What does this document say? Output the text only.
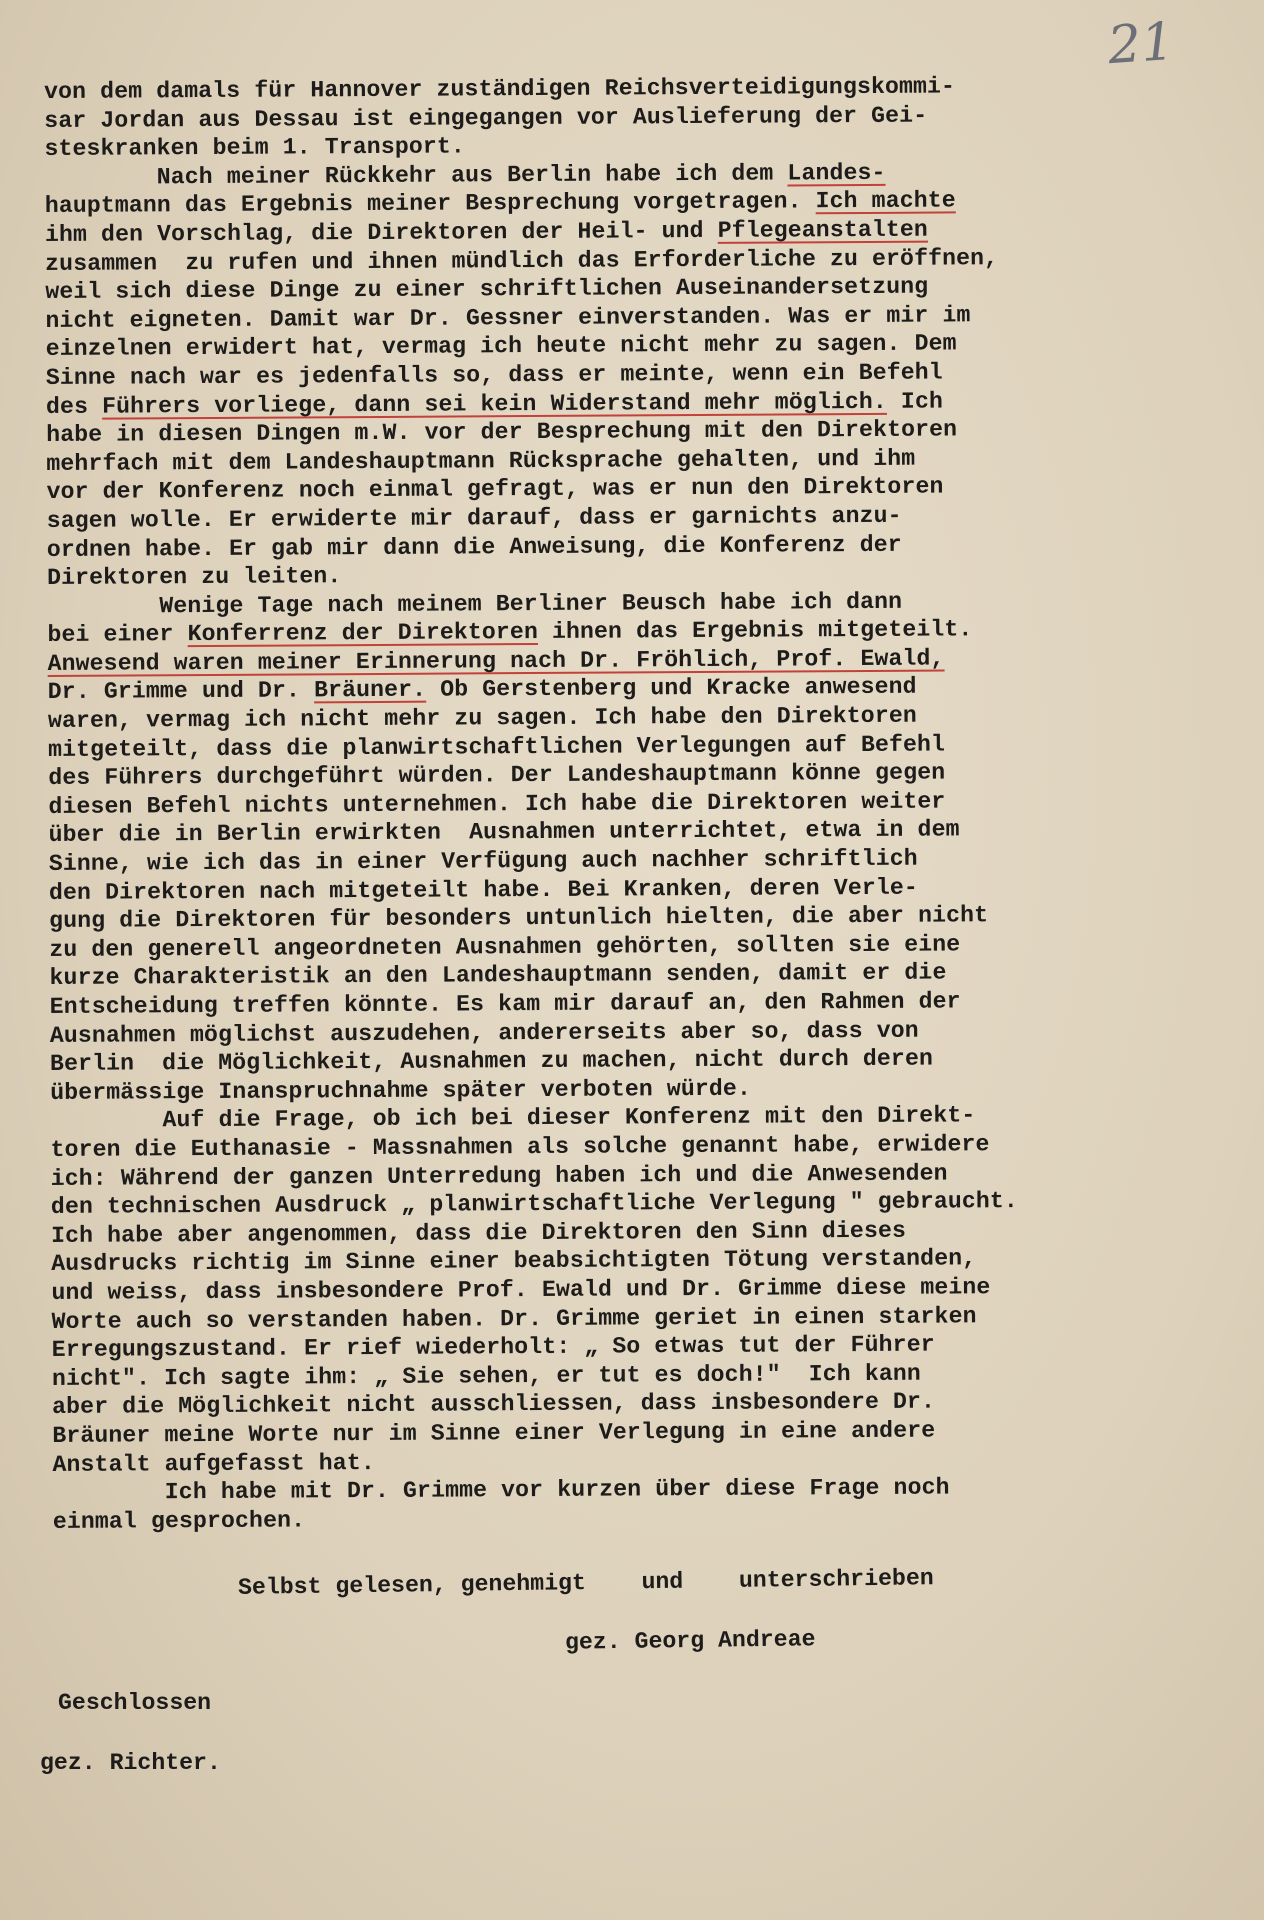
21
von dem damals für Hannover zuständigen Reichsverteidigungskommi-
sar Jordan aus Dessau ist eingegangen vor Auslieferung der Gei-
steskranken beim 1. Transport.
Nach meiner Rückkehr aus Berlin habe ich dem Landes-
hauptmann das Ergebnis meiner Besprechung vorgetragen. Ich machte
ihm den Vorschlag, die Direktoren der Heil- und Pflegeanstalten
zusammen  zu rufen und ihnen mündlich das Erforderliche zu eröffnen,
weil sich diese Dinge zu einer schriftlichen Auseinandersetzung
nicht eigneten. Damit war Dr. Gessner einverstanden. Was er mir im
einzelnen erwidert hat, vermag ich heute nicht mehr zu sagen. Dem
Sinne nach war es jedenfalls so, dass er meinte, wenn ein Befehl
des Führers vorliege, dann sei kein Widerstand mehr möglich. Ich
habe in diesen Dingen m.W. vor der Besprechung mit den Direktoren
mehrfach mit dem Landeshauptmann Rücksprache gehalten, und ihm
vor der Konferenz noch einmal gefragt, was er nun den Direktoren
sagen wolle. Er erwiderte mir darauf, dass er garnichts anzu-
ordnen habe. Er gab mir dann die Anweisung, die Konferenz der
Direktoren zu leiten.
Wenige Tage nach meinem Berliner Beusch habe ich dann
bei einer Konferrenz der Direktoren ihnen das Ergebnis mitgeteilt.
Anwesend waren meiner Erinnerung nach Dr. Fröhlich, Prof. Ewald,
Dr. Grimme und Dr. Bräuner. Ob Gerstenberg und Kracke anwesend
waren, vermag ich nicht mehr zu sagen. Ich habe den Direktoren
mitgeteilt, dass die planwirtschaftlichen Verlegungen auf Befehl
des Führers durchgeführt würden. Der Landeshauptmann könne gegen
diesen Befehl nichts unternehmen. Ich habe die Direktoren weiter
über die in Berlin erwirkten  Ausnahmen unterrichtet, etwa in dem
Sinne, wie ich das in einer Verfügung auch nachher schriftlich
den Direktoren nach mitgeteilt habe. Bei Kranken, deren Verle-
gung die Direktoren für besonders untunlich hielten, die aber nicht
zu den generell angeordneten Ausnahmen gehörten, sollten sie eine
kurze Charakteristik an den Landeshauptmann senden, damit er die
Entscheidung treffen könnte. Es kam mir darauf an, den Rahmen der
Ausnahmen möglichst auszudehen, andererseits aber so, dass von
Berlin  die Möglichkeit, Ausnahmen zu machen, nicht durch deren
übermässige Inanspruchnahme später verboten würde.
Auf die Frage, ob ich bei dieser Konferenz mit den Direkt-
toren die Euthanasie - Massnahmen als solche genannt habe, erwidere
ich: Während der ganzen Unterredung haben ich und die Anwesenden
den technischen Ausdruck „ planwirtschaftliche Verlegung " gebraucht.
Ich habe aber angenommen, dass die Direktoren den Sinn dieses
Ausdrucks richtig im Sinne einer beabsichtigten Tötung verstanden,
und weiss, dass insbesondere Prof. Ewald und Dr. Grimme diese meine
Worte auch so verstanden haben. Dr. Grimme geriet in einen starken
Erregungszustand. Er rief wiederholt: „ So etwas tut der Führer
nicht". Ich sagte ihm: „ Sie sehen, er tut es doch!"  Ich kann
aber die Möglichkeit nicht ausschliessen, dass insbesondere Dr.
Bräuner meine Worte nur im Sinne einer Verlegung in eine andere
Anstalt aufgefasst hat.
Ich habe mit Dr. Grimme vor kurzen über diese Frage noch
einmal gesprochen.
Selbst gelesen, genehmigt    und    unterschrieben
gez. Georg Andreae
Geschlossen
gez. Richter.
